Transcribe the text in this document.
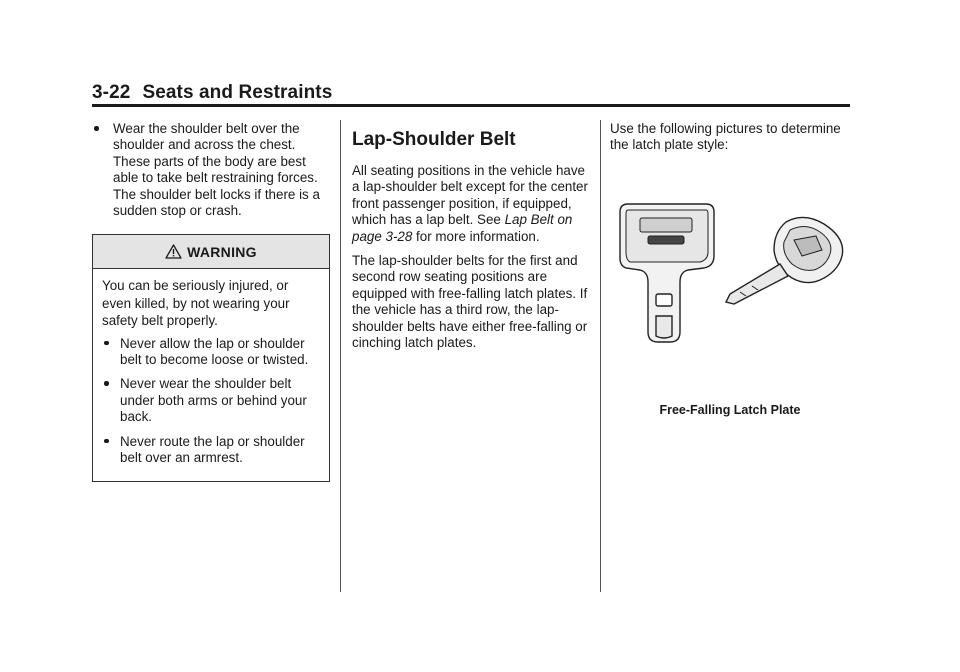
3-22 Seats and Restraints
Wear the shoulder belt over the shoulder and across the chest. These parts of the body are best able to take belt restraining forces. The shoulder belt locks if there is a sudden stop or crash.
WARNING
You can be seriously injured, or even killed, by not wearing your safety belt properly.
Never allow the lap or shoulder belt to become loose or twisted.
Never wear the shoulder belt under both arms or behind your back.
Never route the lap or shoulder belt over an armrest.
Lap-Shoulder Belt

All seating positions in the vehicle have a lap-shoulder belt except for the center front passenger position, if equipped, which has a lap belt. See Lap Belt on page 3-28 for more information.

The lap-shoulder belts for the first and second row seating positions are equipped with free-falling latch plates. If the vehicle has a third row, the lap-shoulder belts have either free-falling or cinching latch plates.

Use the following pictures to determine the latch plate style:
Free-Falling Latch Plate
